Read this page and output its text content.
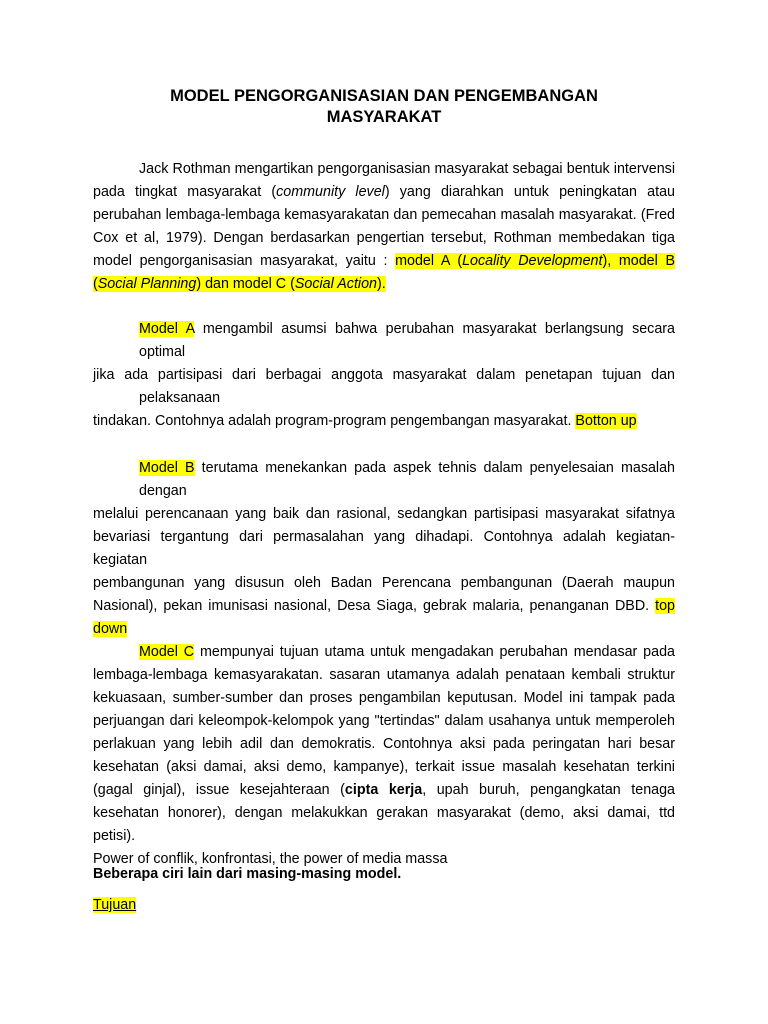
MODEL PENGORGANISASIAN DAN PENGEMBANGAN
MASYARAKAT
Jack Rothman mengartikan pengorganisasian masyarakat sebagai bentuk intervensi
pada tingkat masyarakat (community level) yang diarahkan untuk peningkatan atau
perubahan lembaga-lembaga kemasyarakatan dan pemecahan masalah masyarakat. (Fred
Cox et al, 1979). Dengan berdasarkan pengertian tersebut, Rothman membedakan tiga
model pengorganisasian masyarakat, yaitu : model A (Locality Development), model B
(Social Planning) dan model C (Social Action).
Model A mengambil asumsi bahwa perubahan masyarakat berlangsung secara
optimal
jika ada partisipasi dari berbagai anggota masyarakat dalam penetapan tujuan dan
pelaksanaan
tindakan. Contohnya adalah program-program pengembangan masyarakat. Botton up
Model B terutama menekankan pada aspek tehnis dalam penyelesaian masalah
dengan
melalui perencanaan yang baik dan rasional, sedangkan partisipasi masyarakat sifatnya
bevariasi tergantung dari permasalahan yang dihadapi. Contohnya adalah kegiatan-kegiatan
pembangunan yang disusun oleh Badan Perencana pembangunan (Daerah maupun
Nasional), pekan imunisasi nasional, Desa Siaga, gebrak malaria, penanganan DBD. top
down
Model C mempunyai tujuan utama untuk mengadakan perubahan mendasar pada
lembaga-lembaga kemasyarakatan. sasaran utamanya adalah penataan kembali struktur
kekuasaan, sumber-sumber dan proses pengambilan keputusan. Model ini tampak pada
perjuangan dari keleompok-kelompok yang "tertindas" dalam usahanya untuk memperoleh
perlakuan yang lebih adil dan demokratis. Contohnya aksi pada peringatan hari besar
kesehatan (aksi damai, aksi demo, kampanye), terkait issue masalah kesehatan terkini
(gagal ginjal), issue kesejahteraan (cipta kerja, upah buruh, pengangkatan tenaga
kesehatan honorer), dengan melakukkan gerakan masyarakat (demo, aksi damai, ttd petisi).
Power of conflik, konfrontasi, the power of media massa
Beberapa ciri lain dari masing-masing model.
Tujuan
